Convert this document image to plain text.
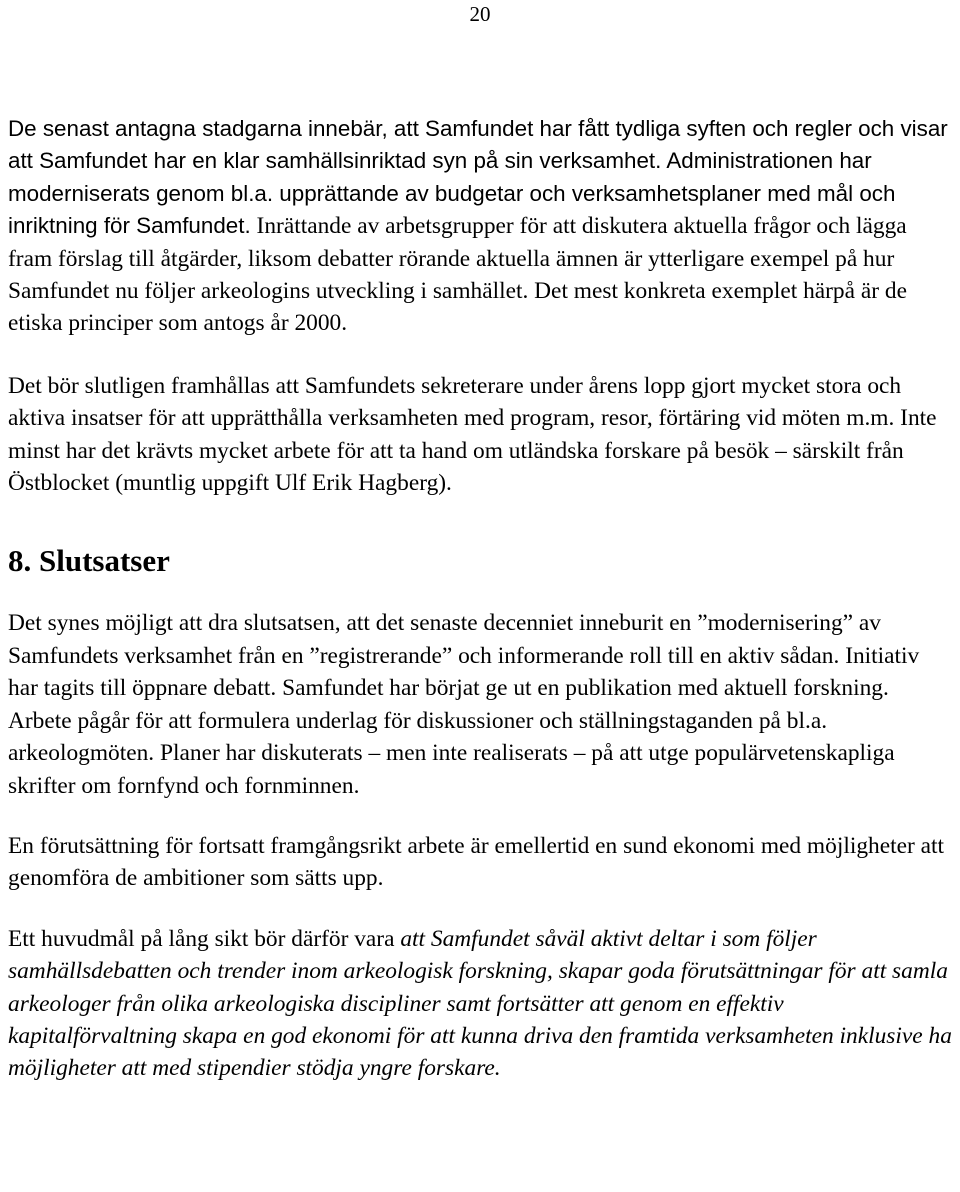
20

De senast antagna stadgarna innebär, att Samfundet har fått tydliga syften och regler och visar att Samfundet har en klar samhällsinriktad syn på sin verksamhet. Administrationen har moderniserats genom bl.a. upprättande av budgetar och verksamhetsplaner med mål och inriktning för Samfundet. Inrättande av arbetsgrupper för att diskutera aktuella frågor och lägga fram förslag till åtgärder, liksom debatter rörande aktuella ämnen är ytterligare exempel på hur Samfundet nu följer arkeologins utveckling i samhället. Det mest konkreta exemplet härpå är de etiska principer som antogs år 2000.

Det bör slutligen framhållas att Samfundets sekreterare under årens lopp gjort mycket stora och aktiva insatser för att upprätthålla verksamheten med program, resor, förtäring vid möten m.m. Inte minst har det krävts mycket arbete för att ta hand om utländska forskare på besök – särskilt från Östblocket (muntlig uppgift Ulf Erik Hagberg).

8. Slutsatser

Det synes möjligt att dra slutsatsen, att det senaste decenniet inneburit en ”modernisering” av Samfundets verksamhet från en ”registrerande” och informerande roll till en aktiv sådan. Initiativ har tagits till öppnare debatt. Samfundet har börjat ge ut en publikation med aktuell forskning. Arbete pågår för att formulera underlag för diskussioner och ställningstaganden på bl.a. arkeologmöten. Planer har diskuterats – men inte realiserats – på att utge populärvetenskapliga skrifter om fornfynd och fornminnen.

En förutsättning för fortsatt framgångsrikt arbete är emellertid en sund ekonomi med möjligheter att genomföra de ambitioner som sätts upp.

Ett huvudmål på lång sikt bör därför vara att Samfundet såväl aktivt deltar i som följer samhällsdebatten och trender inom arkeologisk forskning, skapar goda förutsättningar för att samla arkeologer från olika arkeologiska discipliner samt fortsätter att genom en effektiv kapitalförvaltning skapa en god ekonomi för att kunna driva den framtida verksamheten inklusive ha möjligheter att med stipendier stödja yngre forskare.
